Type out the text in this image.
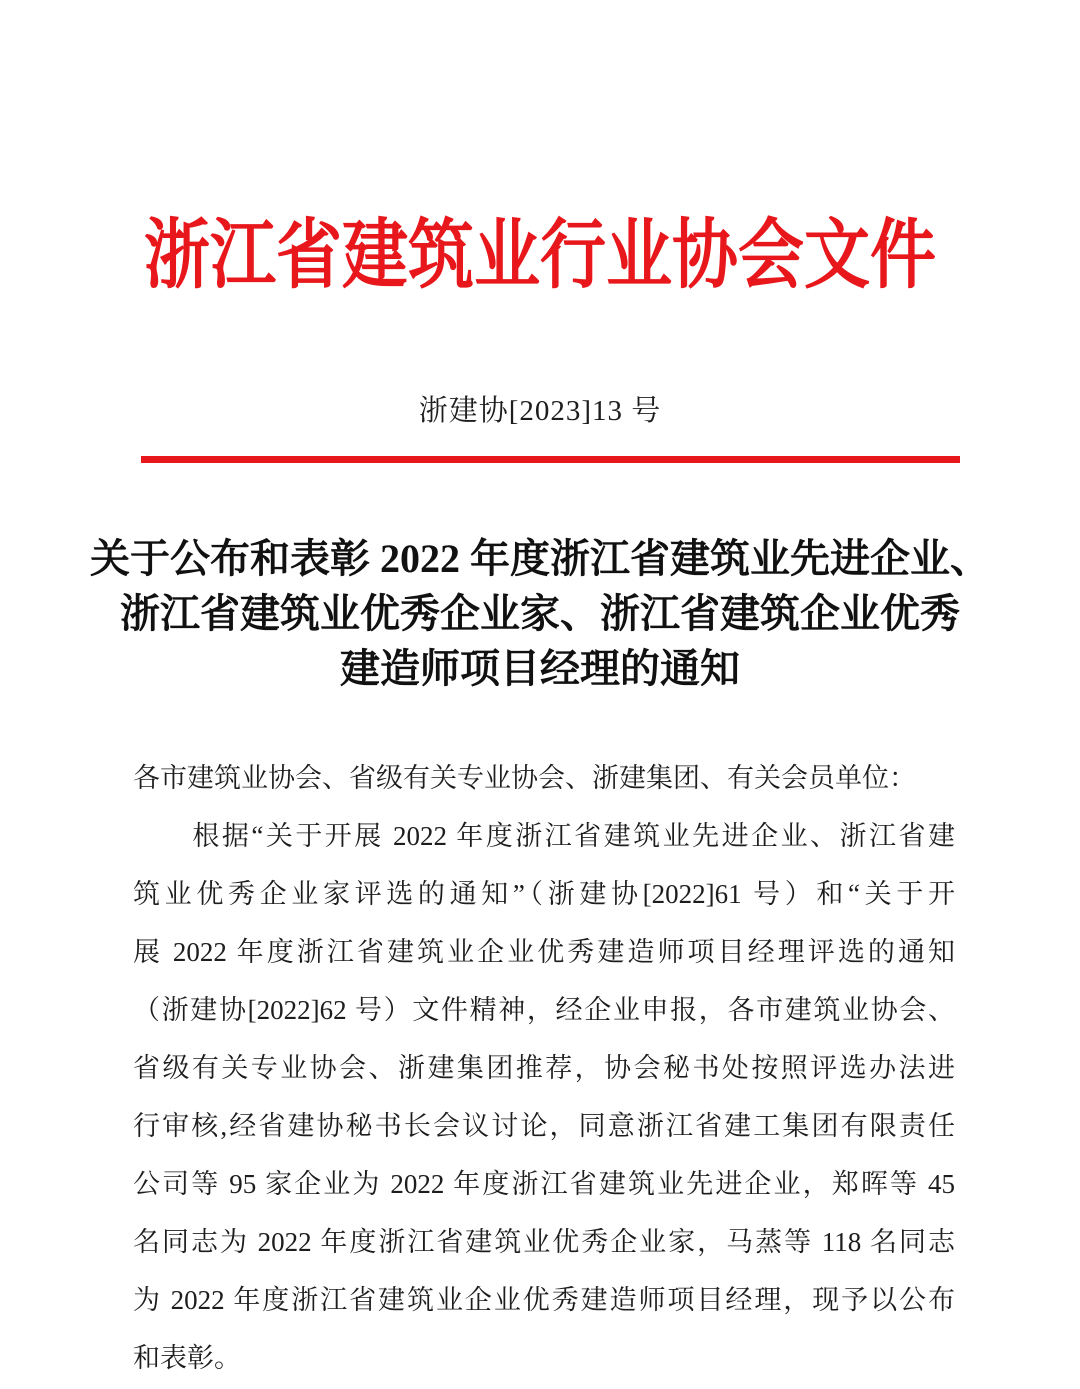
浙江省建筑业行业协会文件
浙建协[2023]13 号
关于公布和表彰 2022 年度浙江省建筑业先进企业、
浙江省建筑业优秀企业家、浙江省建筑企业优秀
建造师项目经理的通知

各市建筑业协会、省级有关专业协会、浙建集团、有关会员单位：

根据“关于开展 2022 年度浙江省建筑业先进企业、浙江省建

筑业优秀企业家评选的通知”（浙建协[2022]61 号）和“关于开

展 2022 年度浙江省建筑业企业优秀建造师项目经理评选的通知

（浙建协[2022]62 号）文件精神，经企业申报，各市建筑业协会、

省级有关专业协会、浙建集团推荐，协会秘书处按照评选办法进

行审核,经省建协秘书长会议讨论，同意浙江省建工集团有限责任

公司等 95 家企业为 2022 年度浙江省建筑业先进企业，郑晖等 45

名同志为 2022 年度浙江省建筑业优秀企业家，马蒸等 118 名同志

为 2022 年度浙江省建筑业企业优秀建造师项目经理，现予以公布

和表彰。
